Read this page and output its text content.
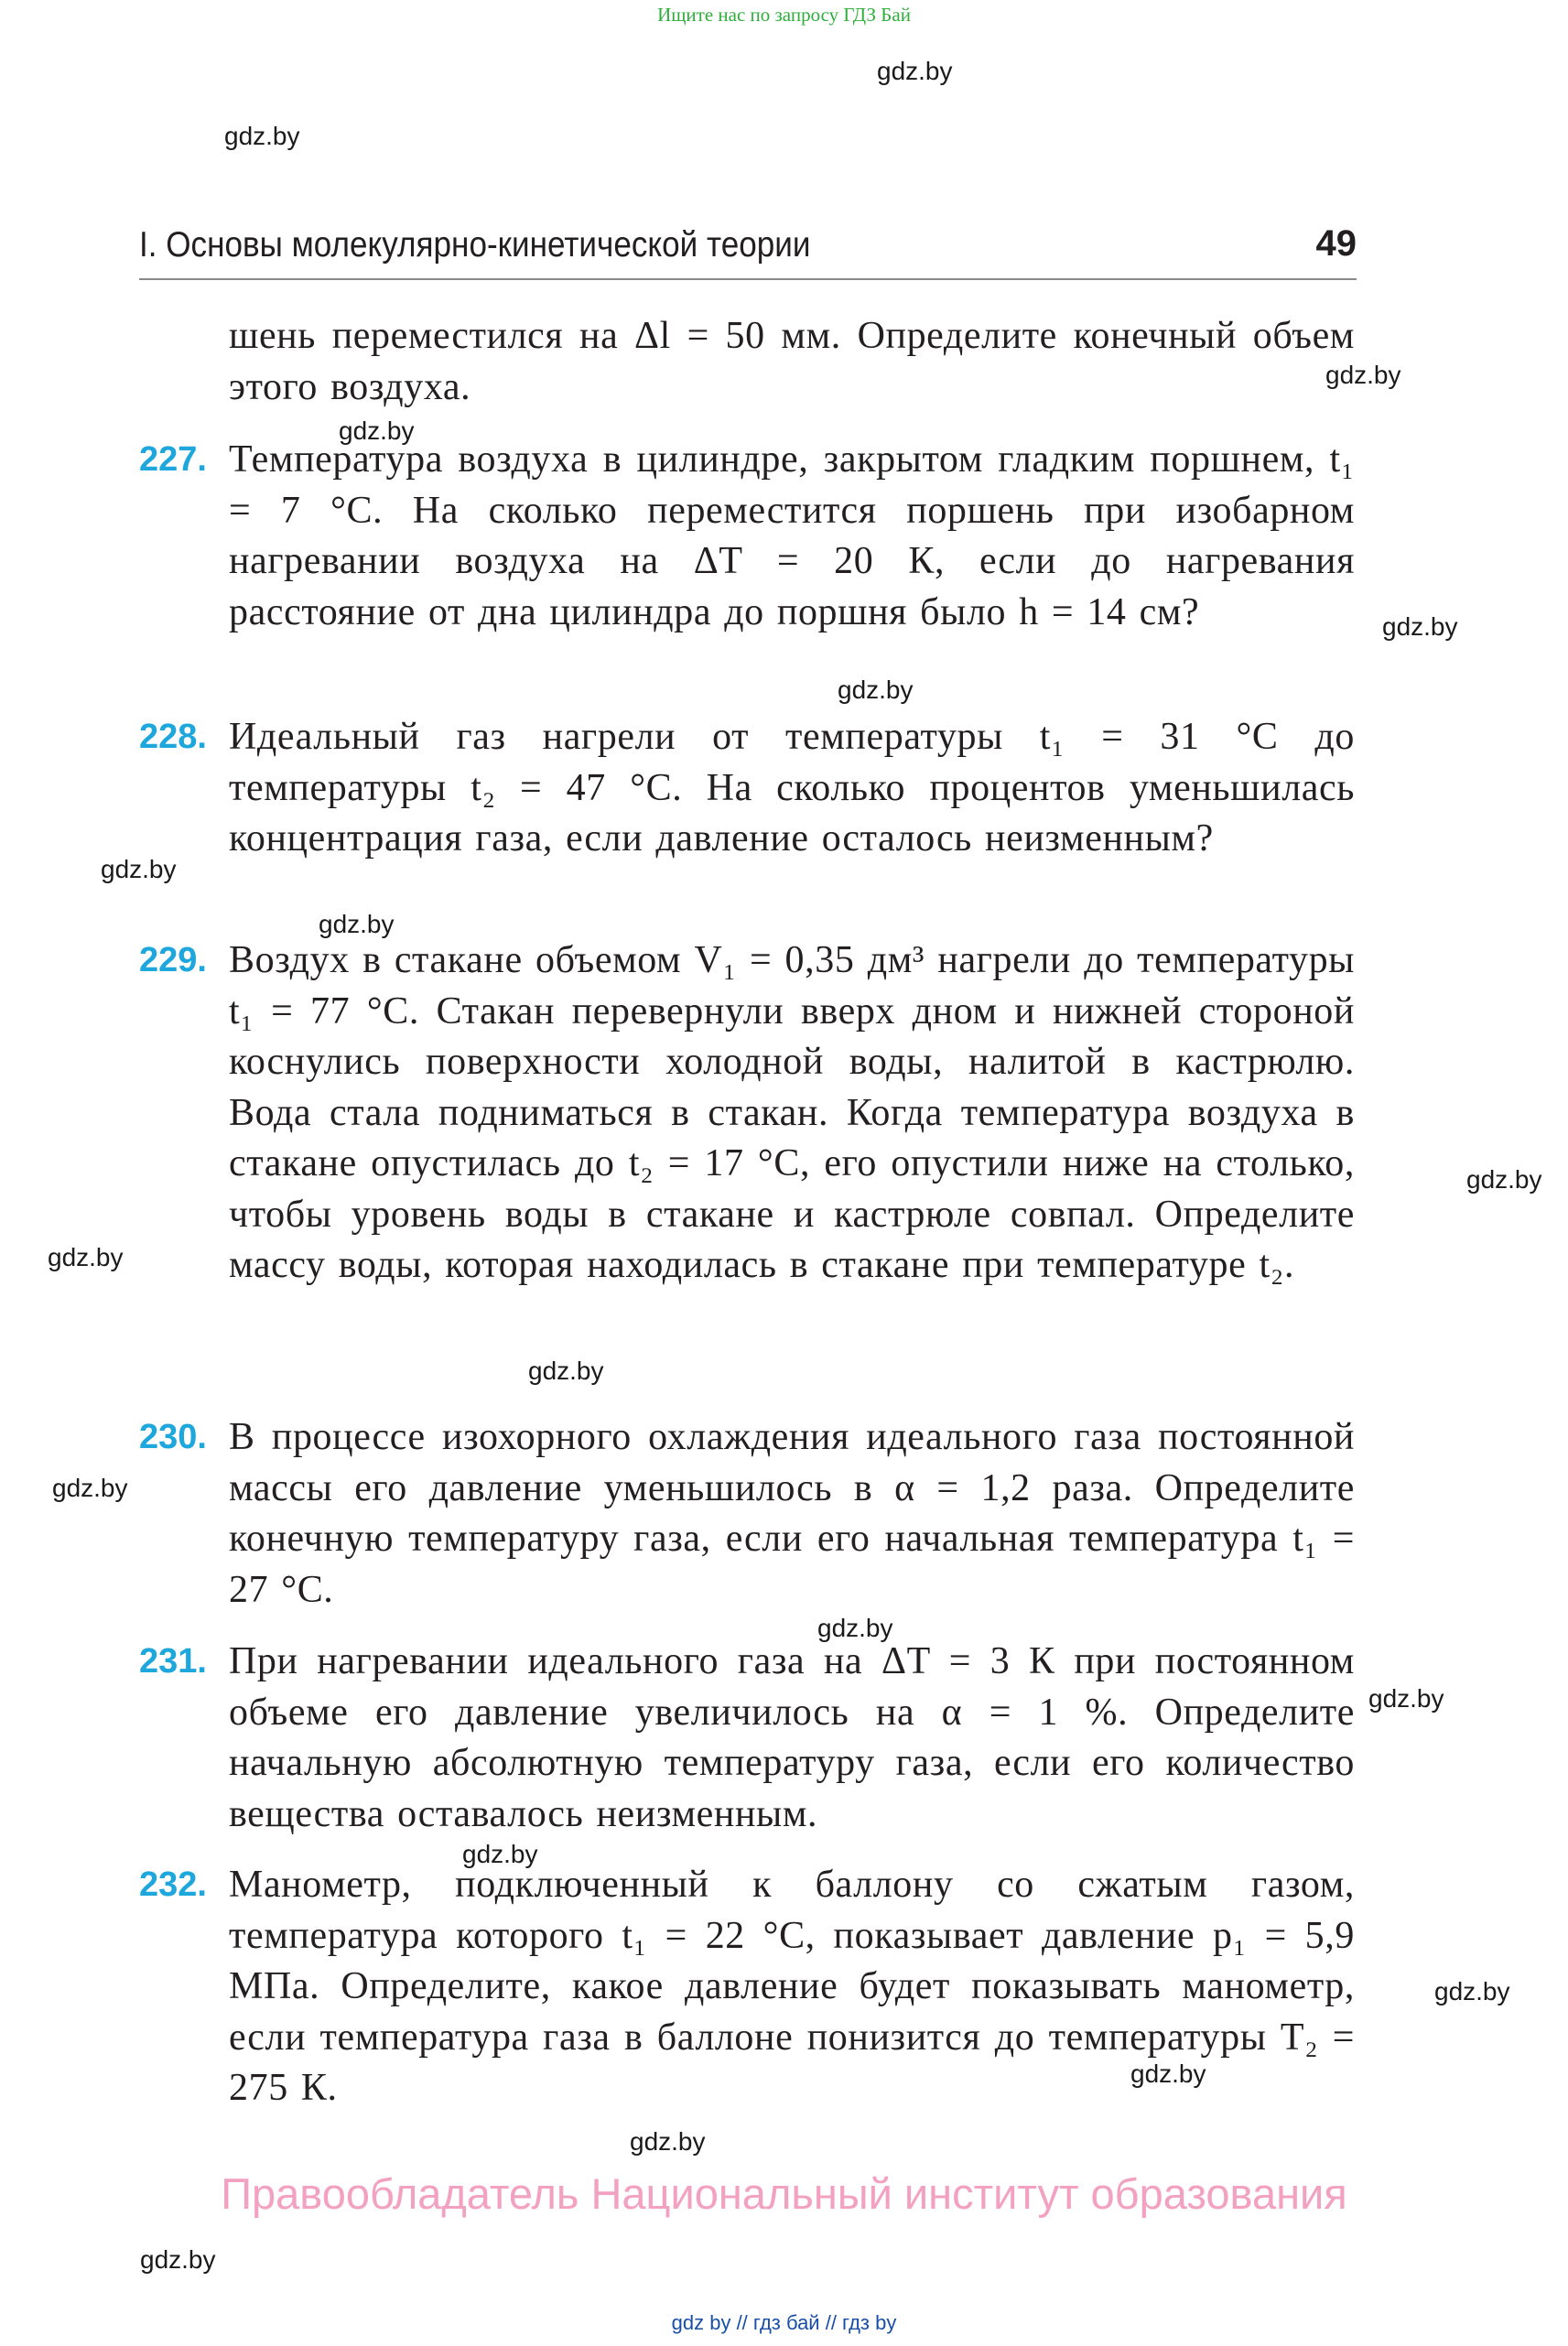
Ищите нас по запросу ГДЗ Бай
gdz.by
gdz.by
gdz.by
gdz.by
gdz.by
gdz.by
gdz.by
gdz.by
gdz.by
gdz.by
gdz.by
gdz.by
gdz.by
gdz.by
gdz.by
gdz.by
gdz.by
gdz.by
gdz.by
I. Основы молекулярно-кинетической теории	49
шень переместился на Δl = 50 мм. Определите конечный объем этого воздуха.
227. Температура воздуха в цилиндре, закрытом гладким поршнем, t₁ = 7 °С. На сколько переместится поршень при изобарном нагревании воздуха на ΔT = 20 К, если до нагревания расстояние от дна цилиндра до поршня было h = 14 см?
228. Идеальный газ нагрели от температуры t₁ = 31 °С до температуры t₂ = 47 °С. На сколько процентов уменьшилась концентрация газа, если давление осталось неизменным?
229. Воздух в стакане объемом V₁ = 0,35 дм³ нагрели до температуры t₁ = 77 °С. Стакан перевернули вверх дном и нижней стороной коснулись поверхности холодной воды, налитой в кастрюлю. Вода стала подниматься в стакан. Когда температура воздуха в стакане опустилась до t₂ = 17 °С, его опустили ниже на столько, чтобы уровень воды в стакане и кастрюле совпал. Определите массу воды, которая находилась в стакане при температуре t₂.
230. В процессе изохорного охлаждения идеального газа постоянной массы его давление уменьшилось в α = 1,2 раза. Определите конечную температуру газа, если его начальная температура t₁ = 27 °С.
231. При нагревании идеального газа на ΔT = 3 К при постоянном объеме его давление увеличилось на α = 1 %. Определите начальную абсолютную температуру газа, если его количество вещества оставалось неизменным.
232. Манометр, подключенный к баллону со сжатым газом, температура которого t₁ = 22 °С, показывает давление p₁ = 5,9 МПа. Определите, какое давление будет показывать манометр, если температура газа в баллоне понизится до температуры T₂ = 275 К.
Правообладатель Национальный институт образования
gdz by // гдз бай // гдз by
